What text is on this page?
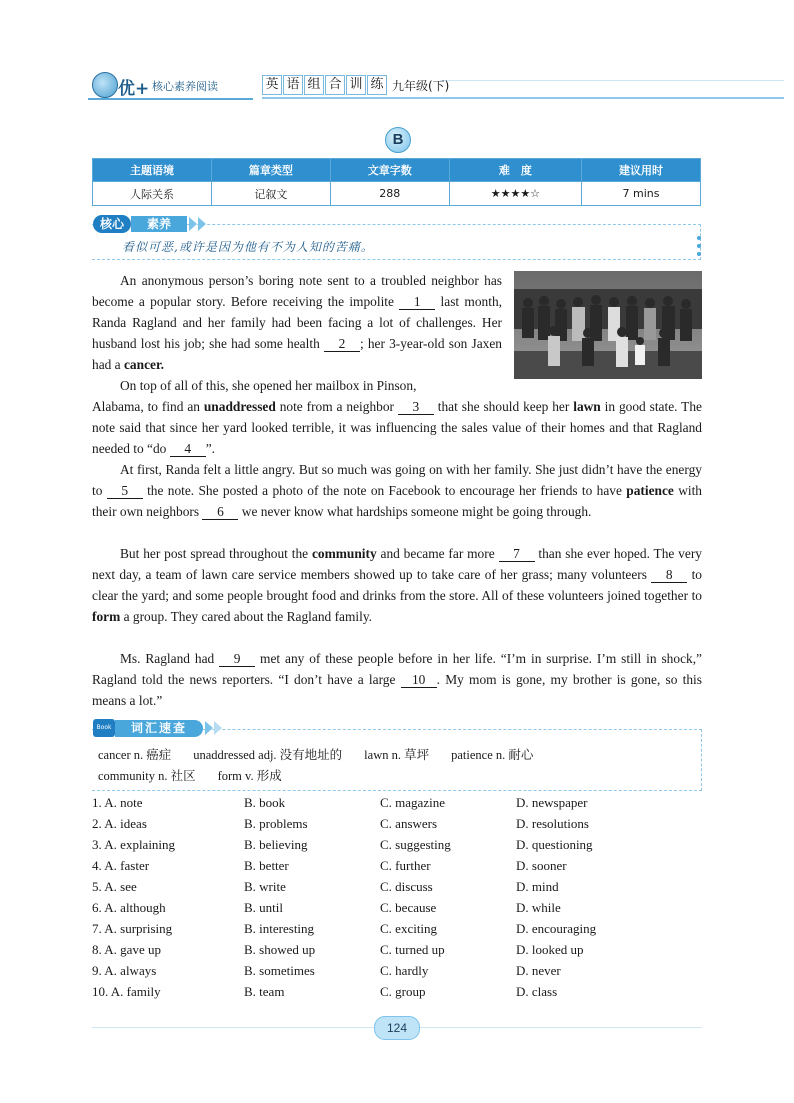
优+ 核心素养阅读	英 语 组 合 训 练 九年级(下)
B
主题语境	篇章类型	文章字数	难　度	建议用时
人际关系	记叙文	288	★★★★☆	7 mins
核心	素养
看似可恶,或许是因为他有不为人知的苦痛。
An anonymous person’s boring note sent to a troubled neighbor has become a popular story. Before receiving the impolite 1 last month, Randa Ragland and her family had been facing a lot of challenges. Her husband lost his job; she had some health 2 ; her 3-year-old son Jaxen had a cancer.
On top of all of this, she opened her mailbox in Pinson,
Alabama, to find an unaddressed note from a neighbor 3 that she should keep her lawn in good state. The note said that since her yard looked terrible, it was influencing the sales value of their homes and that Ragland needed to “do 4 ”.
At first, Randa felt a little angry. But so much was going on with her family. She just didn’t have the energy to 5 the note. She posted a photo of the note on Facebook to encourage her friends to have patience with their own neighbors 6 we never know what hardships someone might be going through.
But her post spread throughout the community and became far more 7 than she ever hoped. The very next day, a team of lawn care service members showed up to take care of her grass; many volunteers 8 to clear the yard; and some people brought food and drinks from the store. All of these volunteers joined together to form a group. They cared about the Ragland family.
Ms. Ragland had 9 met any of these people before in her life. “I’m in surprise. I’m still in shock,” Ragland told the news reporters. “I don’t have a large 10 . My mom is gone, my brother is gone, so this means a lot.”
Book	词汇速查
cancer n. 癌症 unaddressed adj. 没有地址的 lawn n. 草坪 patience n. 耐心
community n. 社区 form v. 形成
1. A. note	B. book	C. magazine	D. newspaper
2. A. ideas	B. problems	C. answers	D. resolutions
3. A. explaining	B. believing	C. suggesting	D. questioning
4. A. faster	B. better	C. further	D. sooner
5. A. see	B. write	C. discuss	D. mind
6. A. although	B. until	C. because	D. while
7. A. surprising	B. interesting	C. exciting	D. encouraging
8. A. gave up	B. showed up	C. turned up	D. looked up
9. A. always	B. sometimes	C. hardly	D. never
10. A. family	B. team	C. group	D. class
124
